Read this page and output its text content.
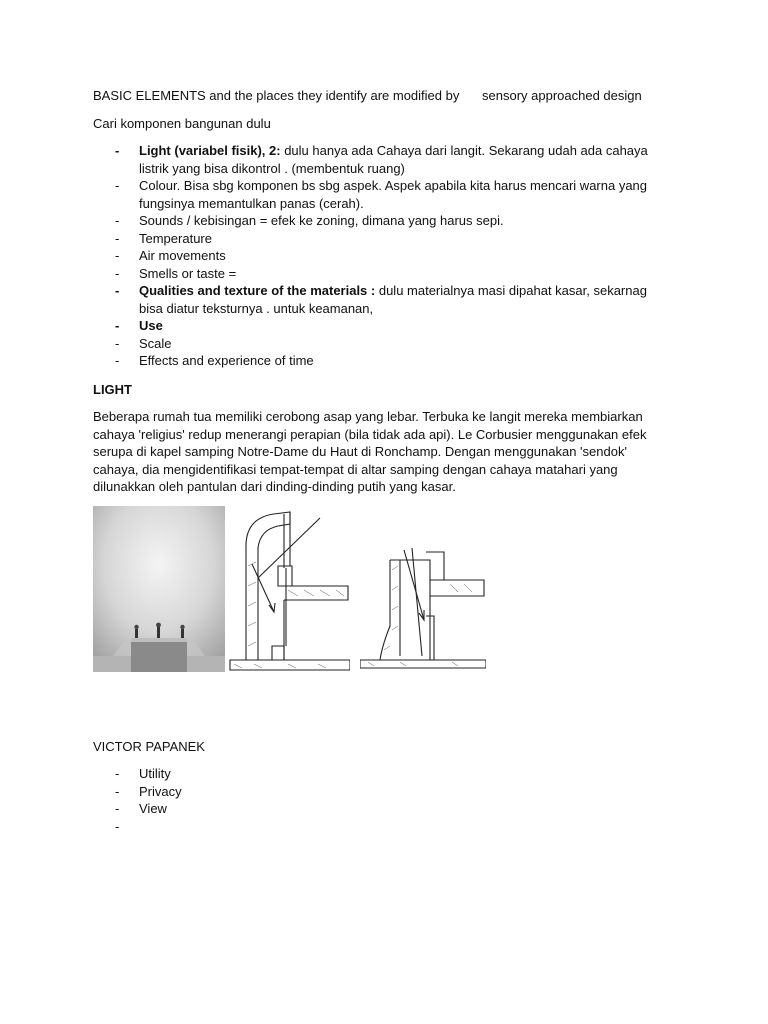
BASIC ELEMENTS and the places they identify are modified by sensory approached design
Cari komponen bangunan dulu
- Light (variabel fisik), 2: dulu hanya ada Cahaya dari langit. Sekarang udah ada cahaya listrik yang bisa dikontrol . (membentuk ruang)
- Colour. Bisa sbg komponen bs sbg aspek. Aspek apabila kita harus mencari warna yang fungsinya memantulkan panas (cerah).
- Sounds / kebisingan = efek ke zoning, dimana yang harus sepi.
- Temperature
- Air movements
- Smells or taste =
- Qualities and texture of the materials : dulu materialnya masi dipahat kasar, sekarnag bisa diatur teksturnya . untuk keamanan,
- Use
- Scale
- Effects and experience of time
LIGHT
Beberapa rumah tua memiliki cerobong asap yang lebar. Terbuka ke langit mereka membiarkan cahaya 'religius' redup menerangi perapian (bila tidak ada api). Le Corbusier menggunakan efek serupa di kapel samping Notre-Dame du Haut di Ronchamp. Dengan menggunakan 'sendok' cahaya, dia mengidentifikasi tempat-tempat di altar samping dengan cahaya matahari yang dilunakkan oleh pantulan dari dinding-dinding putih yang kasar.
VICTOR PAPANEK
- Utility
- Privacy
- View
-
